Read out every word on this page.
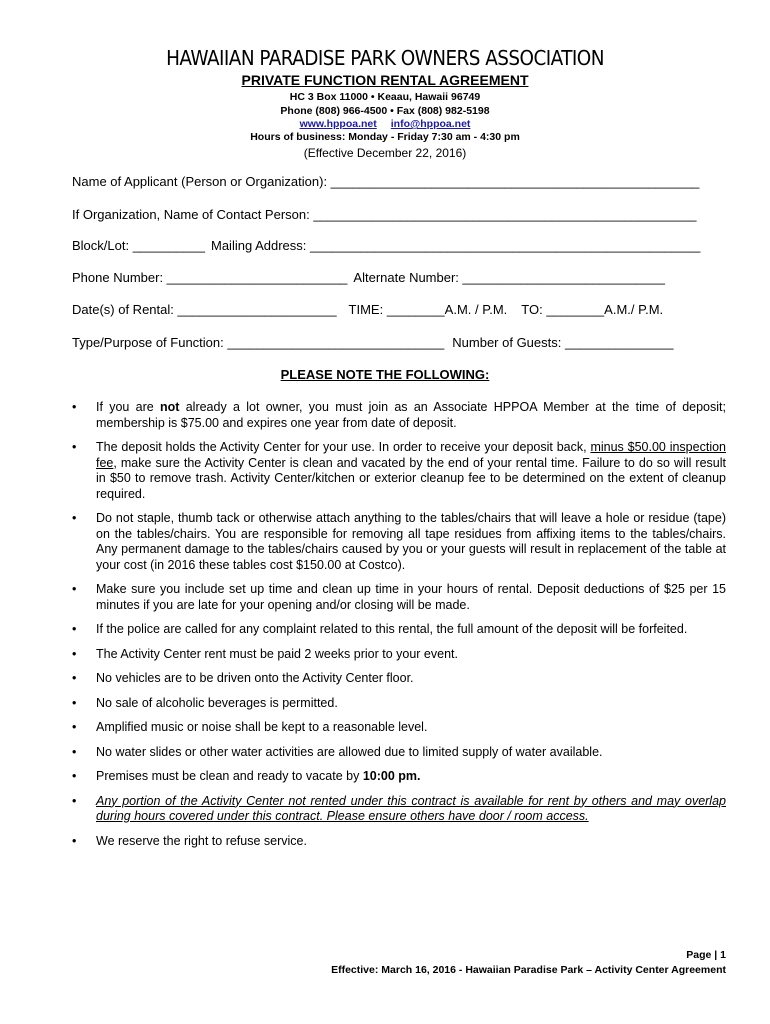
HAWAIIAN PARADISE PARK OWNERS ASSOCIATION
PRIVATE FUNCTION RENTAL AGREEMENT
HC 3 Box 11000 • Keaau, Hawaii 96749
Phone (808) 966-4500 • Fax (808) 982-5198
www.hppoa.net info@hppoa.net
Hours of business: Monday - Friday 7:30 am - 4:30 pm
(Effective December 22, 2016)
Name of Applicant (Person or Organization): ___________________________________________________
If Organization, Name of Contact Person: _____________________________________________________
Block/Lot: __________ Mailing Address: ______________________________________________________
Phone Number: _________________________ Alternate Number: ____________________________
Date(s) of Rental: ______________________ TIME: ________A.M. / P.M. TO: ________A.M./ P.M.
Type/Purpose of Function: ______________________________ Number of Guests: _______________
PLEASE NOTE THE FOLLOWING:
• If you are not already a lot owner, you must join as an Associate HPPOA Member at the time of deposit; membership is $75.00 and expires one year from date of deposit.
• The deposit holds the Activity Center for your use. In order to receive your deposit back, minus $50.00 inspection fee, make sure the Activity Center is clean and vacated by the end of your rental time. Failure to do so will result in $50 to remove trash. Activity Center/kitchen or exterior cleanup fee to be determined on the extent of cleanup required.
• Do not staple, thumb tack or otherwise attach anything to the tables/chairs that will leave a hole or residue (tape) on the tables/chairs. You are responsible for removing all tape residues from affixing items to the tables/chairs. Any permanent damage to the tables/chairs caused by you or your guests will result in replacement of the table at your cost (in 2016 these tables cost $150.00 at Costco).
• Make sure you include set up time and clean up time in your hours of rental. Deposit deductions of $25 per 15 minutes if you are late for your opening and/or closing will be made.
• If the police are called for any complaint related to this rental, the full amount of the deposit will be forfeited.
• The Activity Center rent must be paid 2 weeks prior to your event.
• No vehicles are to be driven onto the Activity Center floor.
• No sale of alcoholic beverages is permitted.
• Amplified music or noise shall be kept to a reasonable level.
• No water slides or other water activities are allowed due to limited supply of water available.
• Premises must be clean and ready to vacate by 10:00 pm.
• Any portion of the Activity Center not rented under this contract is available for rent by others and may overlap during hours covered under this contract. Please ensure others have door / room access.
• We reserve the right to refuse service.
Page | 1
Effective: March 16, 2016 - Hawaiian Paradise Park – Activity Center Agreement
